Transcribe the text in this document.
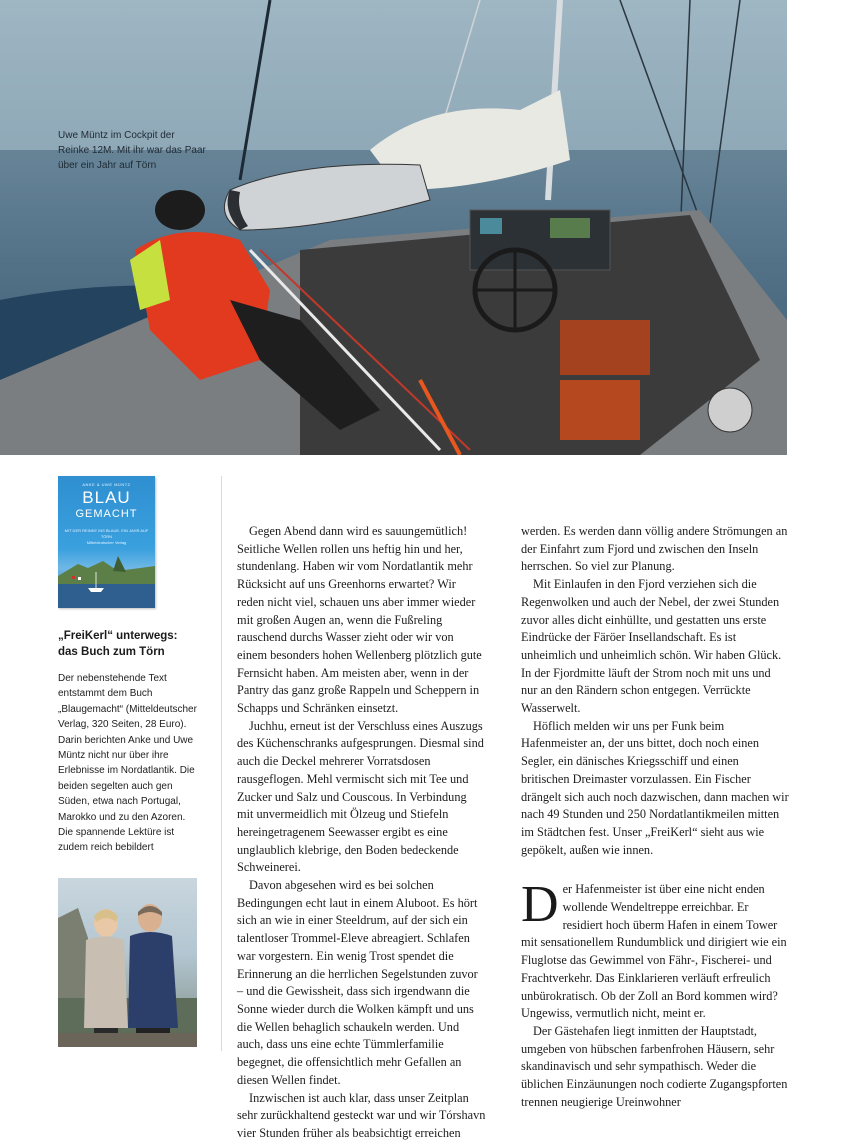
Uwe Müntz im Cockpit der Reinke 12M. Mit ihr war das Paar über ein Jahr auf Törn
ANKE & UWE MÜNTZ
BLAU
GEMACHT
MIT DER REINKE INS BLAUE. EIN JAHR AUF TÖRN
Mitteldeutscher Verlag
„FreiKerl“ unterwegs: das Buch zum Törn

Der nebenstehende Text entstammt dem Buch „Blaugemacht“ (Mitteldeutscher Verlag, 320 Seiten, 28 Euro). Darin berichten Anke und Uwe Müntz nicht nur über ihre Erlebnisse im Nordatlantik. Die beiden segelten auch gen Süden, etwa nach Portugal, Marokko und zu den Azoren. Die spannende Lektüre ist zudem reich bebildert

Gegen Abend dann wird es sauungemütlich! Seitliche Wellen rollen uns heftig hin und her, stundenlang. Haben wir vom Nordatlantik mehr Rücksicht auf uns Greenhorns erwartet? Wir reden nicht viel, schauen uns aber immer wieder mit großen Augen an, wenn die Fußreling rauschend durchs Wasser zieht oder wir von einem besonders hohen Wellenberg plötzlich gute Fernsicht haben. Am meisten aber, wenn in der Pantry das ganz große Rappeln und Scheppern in Schapps und Schränken einsetzt.

Juchhu, erneut ist der Verschluss eines Auszugs des Küchenschranks aufgesprungen. Diesmal sind auch die Deckel mehrerer Vorratsdosen rausgeflogen. Mehl vermischt sich mit Tee und Zucker und Salz und Couscous. In Verbindung mit unvermeidlich mit Ölzeug und Stiefeln hereingetragenem Seewasser ergibt es eine unglaublich klebrige, den Boden bedeckende Schweinerei.

Davon abgesehen wird es bei solchen Bedingungen echt laut in einem Aluboot. Es hört sich an wie in einer Steeldrum, auf der sich ein talentloser Trommel-Eleve abreagiert. Schlafen war vorgestern. Ein wenig Trost spendet die Erinnerung an die herrlichen Segelstunden zuvor – und die Gewissheit, dass sich irgendwann die Sonne wieder durch die Wolken kämpft und uns die Wellen behaglich schaukeln werden. Und auch, dass uns eine echte Tümmlerfamilie begegnet, die offensichtlich mehr Gefallen an diesen Wellen findet.

Inzwischen ist auch klar, dass unser Zeitplan sehr zurückhaltend gesteckt war und wir Tórshavn vier Stunden früher als beabsichtigt erreichen

werden. Es werden dann völlig andere Strömungen an der Einfahrt zum Fjord und zwischen den Inseln herrschen. So viel zur Planung.

Mit Einlaufen in den Fjord verziehen sich die Regenwolken und auch der Nebel, der zwei Stunden zuvor alles dicht einhüllte, und gestatten uns erste Eindrücke der Färöer Insellandschaft. Es ist unheimlich und unheimlich schön. Wir haben Glück. In der Fjordmitte läuft der Strom noch mit uns und nur an den Rändern schon entgegen. Verrückte Wasserwelt.

Höflich melden wir uns per Funk beim Hafenmeister an, der uns bittet, doch noch einen Segler, ein dänisches Kriegsschiff und einen britischen Dreimaster vorzulassen. Ein Fischer drängelt sich auch noch dazwischen, dann machen wir nach 49 Stunden und 250 Nordatlantikmeilen mitten im Städtchen fest. Unser „FreiKerl“ sieht aus wie gepökelt, außen wie innen.

Der Hafenmeister ist über eine nicht enden wollende Wendeltreppe erreichbar. Er residiert hoch überm Hafen in einem Tower mit sensationellem Rundumblick und dirigiert wie ein Fluglotse das Gewimmel von Fähr-, Fischerei- und Frachtverkehr. Das Einklarieren verläuft erfreulich unbürokratisch. Ob der Zoll an Bord kommen wird? Ungewiss, vermutlich nicht, meint er.

Der Gästehafen liegt inmitten der Hauptstadt, umgeben von hübschen farbenfrohen Häusern, sehr skandinavisch und sehr sympathisch. Weder die üblichen Einzäunungen noch codierte Zugangspforten trennen neugierige Ureinwohner
